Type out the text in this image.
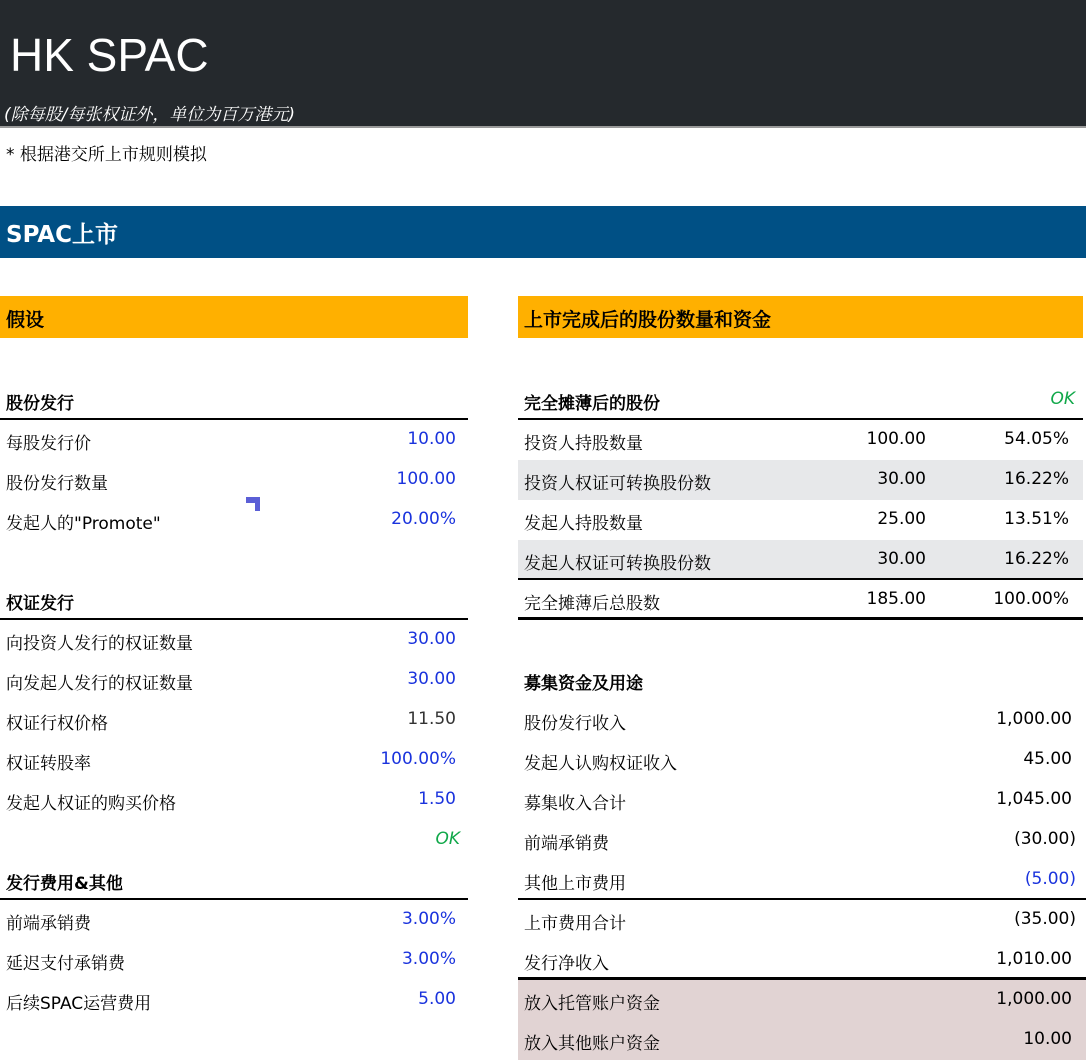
HK SPAC
(除每股/每张权证外，单位为百万港元)
* 根据港交所上市规则模拟
SPAC上市
假设	上市完成后的股份数量和资金
股份发行
每股发行价	10.00
股份发行数量	100.00
发起人的"Promote"	20.00%
权证发行
向投资人发行的权证数量	30.00
向发起人发行的权证数量	30.00
权证行权价格	11.50
权证转股率	100.00%
发起人权证的购买价格	1.50
OK
发行费用&其他
前端承销费	3.00%
延迟支付承销费	3.00%
后续SPAC运营费用	5.00
完全摊薄后的股份	OK
投资人持股数量	100.00	54.05%
投资人权证可转换股份数	30.00	16.22%
发起人持股数量	25.00	13.51%
发起人权证可转换股份数	30.00	16.22%
完全摊薄后总股数	185.00	100.00%
募集资金及用途
股份发行收入	1,000.00
发起人认购权证收入	45.00
募集收入合计	1,045.00
前端承销费	(30.00)
其他上市费用	(5.00)
上市费用合计	(35.00)
发行净收入	1,010.00
放入托管账户资金	1,000.00
放入其他账户资金	10.00
